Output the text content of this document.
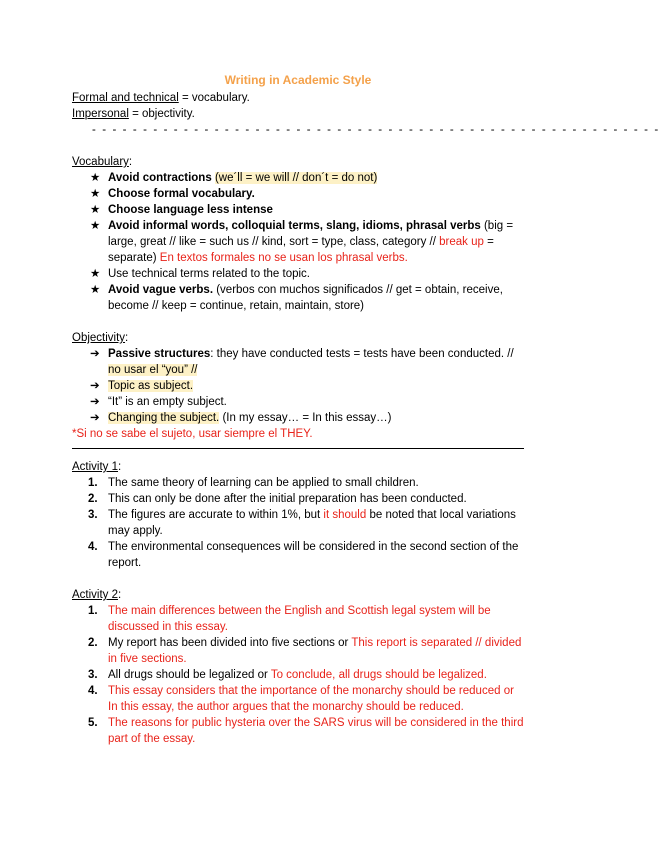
Writing in Academic Style
Formal and technical = vocabulary.
Impersonal = objectivity.
- - - - - - - - - - - - - - - - - - - - - - - - - - - - - - - - - - - - - - - - - - - - - - - - - - - - - - - -
Vocabulary:
★ Avoid contractions (we´ll = we will // don´t = do not)
★ Choose formal vocabulary.
★ Choose language less intense
★ Avoid informal words, colloquial terms, slang, idioms, phrasal verbs (big = large, great // like = such us // kind, sort = type, class, category // break up = separate) En textos formales no se usan los phrasal verbs.
★ Use technical terms related to the topic.
★ Avoid vague verbs. (verbos con muchos significados // get = obtain, receive, become // keep = continue, retain, maintain, store)
Objectivity:
➔ Passive structures: they have conducted tests = tests have been conducted. // no usar el “you” //
➔ Topic as subject.
➔ “It” is an empty subject.
➔ Changing the subject. (In my essay… = In this essay…)
*Si no se sabe el sujeto, usar siempre el THEY.
Activity 1:
1. The same theory of learning can be applied to small children.
2. This can only be done after the initial preparation has been conducted.
3. The figures are accurate to within 1%, but it should be noted that local variations may apply.
4. The environmental consequences will be considered in the second section of the report.
Activity 2:
1. The main differences between the English and Scottish legal system will be discussed in this essay.
2. My report has been divided into five sections or This report is separated // divided in five sections.
3. All drugs should be legalized or To conclude, all drugs should be legalized.
4. This essay considers that the importance of the monarchy should be reduced or In this essay, the author argues that the monarchy should be reduced.
5. The reasons for public hysteria over the SARS virus will be considered in the third part of the essay.
